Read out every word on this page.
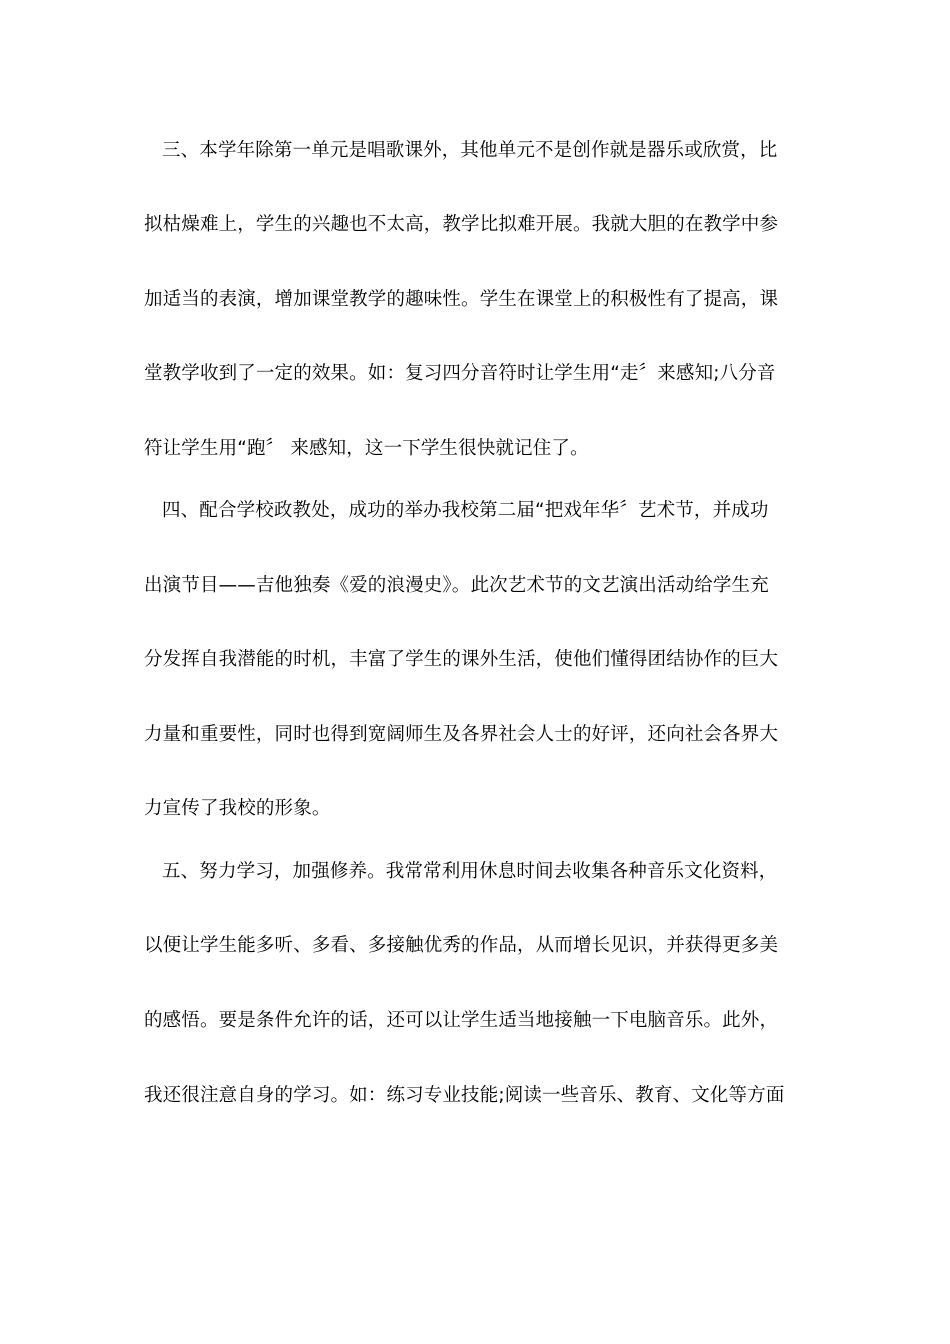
三、本学年除第一单元是唱歌课外，其他单元不是创作就是器乐或欣赏，比
拟枯燥难上，学生的兴趣也不太高，教学比拟难开展。我就大胆的在教学中参
加适当的表演，增加课堂教学的趣味性。学生在课堂上的积极性有了提高，课
堂教学收到了一定的效果。如：复习四分音符时让学生用“走〞来感知;八分音
符让学生用“跑〞 来感知，这一下学生很快就记住了。
四、配合学校政教处，成功的举办我校第二届“把戏年华〞艺术节，并成功
出演节目——吉他独奏《爱的浪漫史》。此次艺术节的文艺演出活动给学生充
分发挥自我潜能的时机，丰富了学生的课外生活，使他们懂得团结协作的巨大
力量和重要性，同时也得到宽阔师生及各界社会人士的好评，还向社会各界大
力宣传了我校的形象。
五、努力学习，加强修养。我常常利用休息时间去收集各种音乐文化资料，
以便让学生能多听、多看、多接触优秀的作品，从而增长见识，并获得更多美
的感悟。要是条件允许的话，还可以让学生适当地接触一下电脑音乐。此外，
我还很注意自身的学习。如：练习专业技能;阅读一些音乐、教育、文化等方面
